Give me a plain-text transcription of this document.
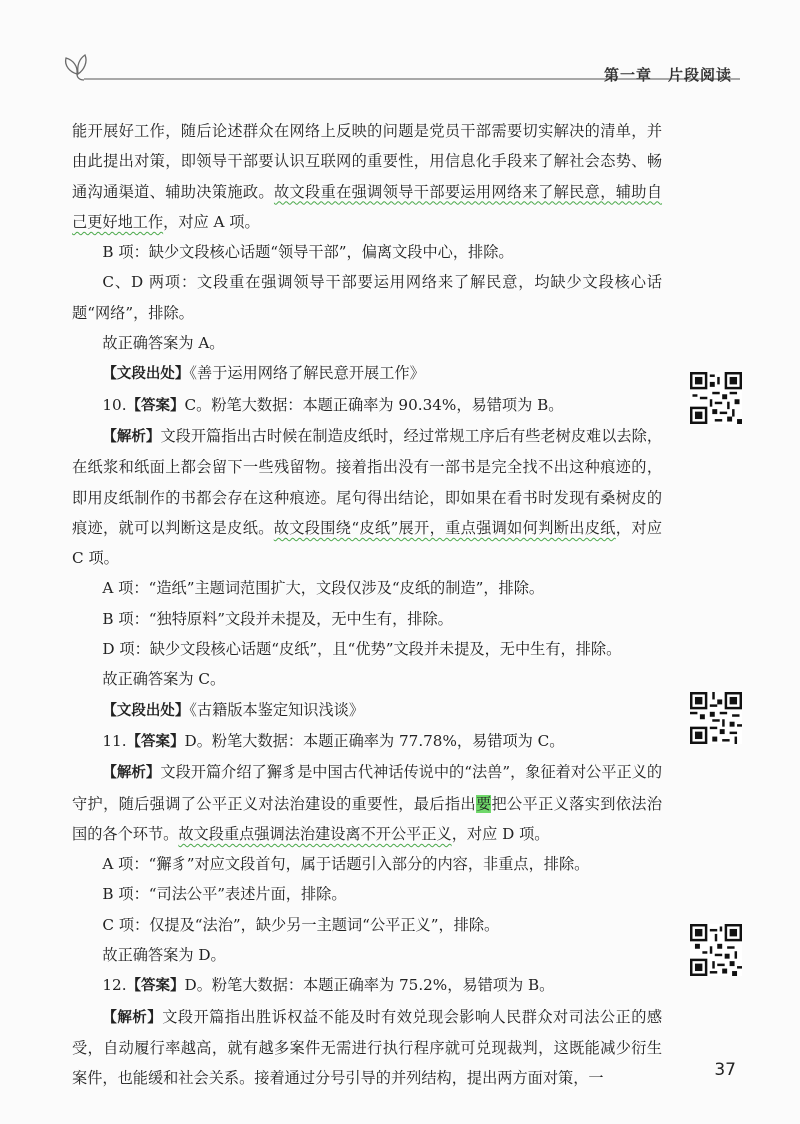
第一章　片段阅读

能开展好工作，随后论述群众在网络上反映的问题是党员干部需要切实解决的清单，并由此提出对策，即领导干部要认识互联网的重要性，用信息化手段来了解社会态势、畅通沟通渠道、辅助决策施政。故文段重在强调领导干部要运用网络来了解民意，辅助自己更好地工作，对应 A 项。

B 项：缺少文段核心话题“领导干部”，偏离文段中心，排除。

C、D 两项：文段重在强调领导干部要运用网络来了解民意，均缺少文段核心话题“网络”，排除。

故正确答案为 A。

【文段出处】《善于运用网络了解民意开展工作》

10.【答案】C。粉笔大数据：本题正确率为 90.34%，易错项为 B。

【解析】文段开篇指出古时候在制造皮纸时，经过常规工序后有些老树皮难以去除，在纸浆和纸面上都会留下一些残留物。接着指出没有一部书是完全找不出这种痕迹的，即用皮纸制作的书都会存在这种痕迹。尾句得出结论，即如果在看书时发现有桑树皮的痕迹，就可以判断这是皮纸。故文段围绕“皮纸”展开，重点强调如何判断出皮纸，对应 C 项。

A 项：“造纸”主题词范围扩大，文段仅涉及“皮纸的制造”，排除。

B 项：“独特原料”文段并未提及，无中生有，排除。

D 项：缺少文段核心话题“皮纸”，且“优势”文段并未提及，无中生有，排除。

故正确答案为 C。

【文段出处】《古籍版本鉴定知识浅谈》

11.【答案】D。粉笔大数据：本题正确率为 77.78%，易错项为 C。

【解析】文段开篇介绍了獬豸是中国古代神话传说中的“法兽”，象征着对公平正义的守护，随后强调了公平正义对法治建设的重要性，最后指出要把公平正义落实到依法治国的各个环节。故文段重点强调法治建设离不开公平正义，对应 D 项。

A 项：“獬豸”对应文段首句，属于话题引入部分的内容，非重点，排除。

B 项：“司法公平”表述片面，排除。

C 项：仅提及“法治”，缺少另一主题词“公平正义”，排除。

故正确答案为 D。

12.【答案】D。粉笔大数据：本题正确率为 75.2%，易错项为 B。

【解析】文段开篇指出胜诉权益不能及时有效兑现会影响人民群众对司法公正的感受，自动履行率越高，就有越多案件无需进行执行程序就可兑现裁判，这既能减少衍生案件，也能缓和社会关系。接着通过分号引导的并列结构，提出两方面对策，一	37
